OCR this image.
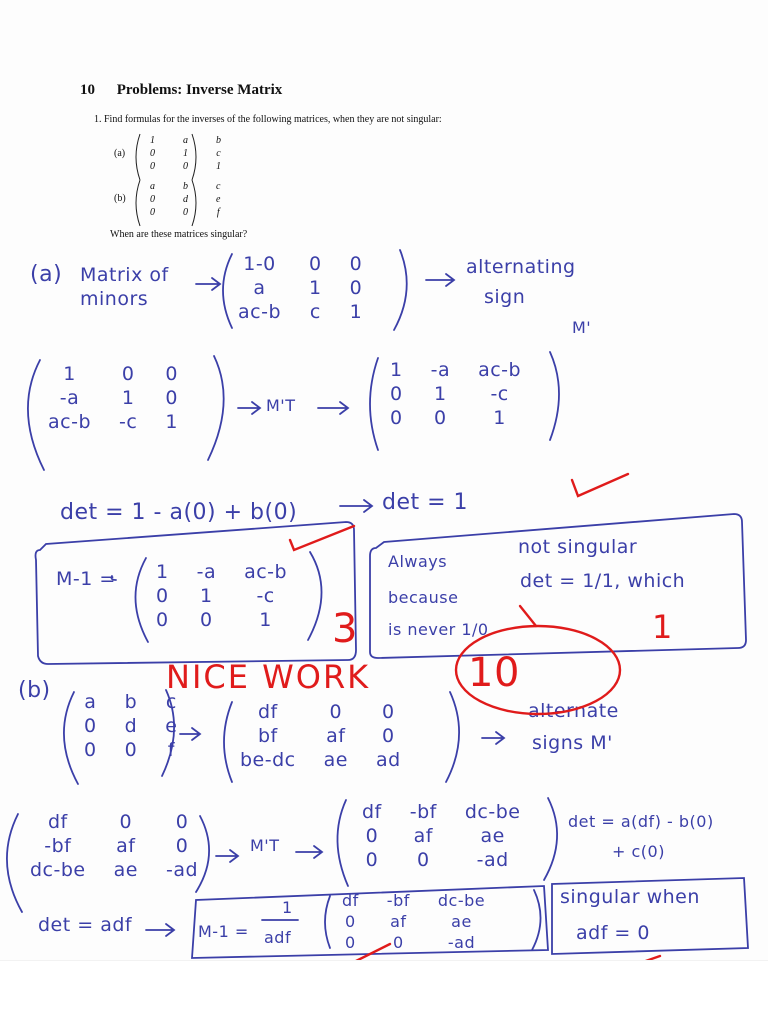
10 Problems: Inverse Matrix
1. Find formulas for the inverses of the following matrices, when they are not singular:
(a)
1	a	b
0	1	c
0	0	1
(b)
a	b	c
0	d	e
0	0	f
When are these matrices singular?
(a) Matrix of
minors
1-0	0	0
a	1	0
ac-b	c	1
alternating
sign
M'
1	0	0
-a	1	0
ac-b	-c	1
M'T
1	-a	ac-b
0	1	-c
0	0	1
det = 1 - a(0) + b(0)	det = 1
M-1 = 1	-a	ac-b
0	1	-c
0	0	1
Always
not singular
because
det = 1/1, which
is never 1/0
3
NICE WORK 10
1
(b) a	b	c
0	d	e
0	0	f
df	0	0
bf	af	0
be-dc	ae	ad
alternate
signs M'
df	0	0
-bf	af	0
dc-be	ae	-ad
M'T
df	-bf	dc-be
0	af	ae
0	0	-ad
det = a(df) - b(0)
+ c(0)
det = adf	M-1 =
1
adf
df	-bf	dc-be
0	af	ae
0	0	-ad
singular when
adf = 0
